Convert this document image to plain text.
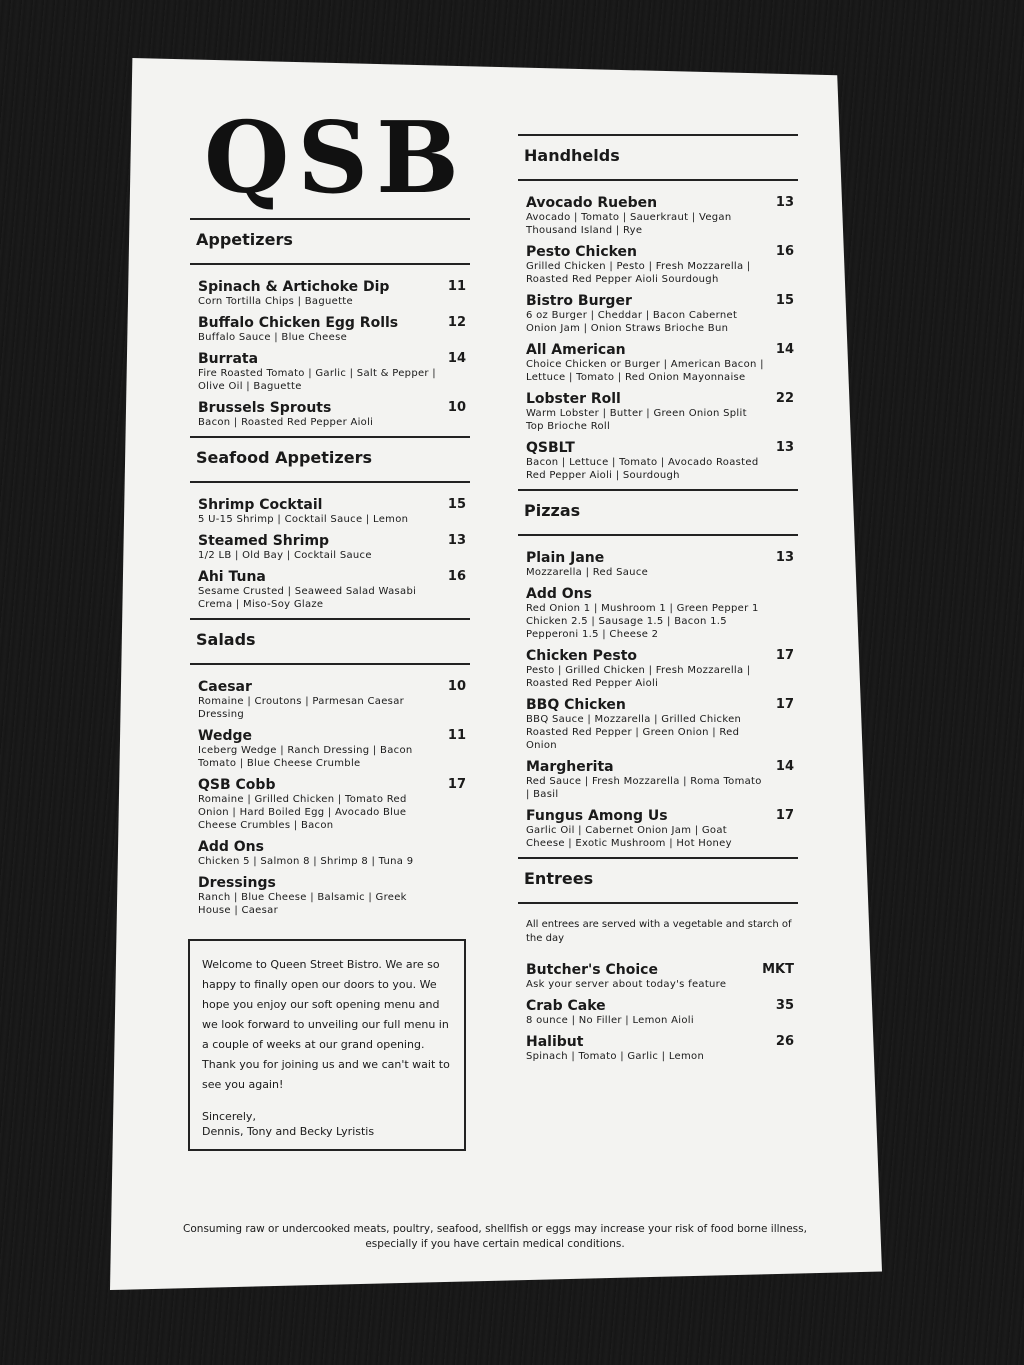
QSB
Appetizers
Spinach & Artichoke Dip	11
Corn Tortilla Chips | Baguette
Buffalo Chicken Egg Rolls	12
Buffalo Sauce | Blue Cheese
Burrata	14
Fire Roasted Tomato | Garlic | Salt & Pepper | Olive Oil | Baguette
Brussels Sprouts	10
Bacon | Roasted Red Pepper Aioli
Seafood Appetizers
Shrimp Cocktail	15
5 U-15 Shrimp | Cocktail Sauce | Lemon
Steamed Shrimp	13
1/2 LB | Old Bay | Cocktail Sauce
Ahi Tuna	16
Sesame Crusted | Seaweed Salad Wasabi Crema | Miso-Soy Glaze
Salads
Caesar	10
Romaine | Croutons | Parmesan Caesar Dressing
Wedge	11
Iceberg Wedge | Ranch Dressing | Bacon Tomato | Blue Cheese Crumble
QSB Cobb	17
Romaine | Grilled Chicken | Tomato Red Onion | Hard Boiled Egg | Avocado Blue Cheese Crumbles | Bacon
Add Ons
Chicken 5 | Salmon 8 | Shrimp 8 | Tuna 9
Dressings
Ranch | Blue Cheese | Balsamic | Greek House | Caesar

Welcome to Queen Street Bistro. We are so happy to finally open our doors to you. We hope you enjoy our soft opening menu and we look forward to unveiling our full menu in a couple of weeks at our grand opening. Thank you for joining us and we can't wait to see you again!

Sincerely,
Dennis, Tony and Becky Lyristis
Handhelds
Avocado Rueben	13
Avocado | Tomato | Sauerkraut | Vegan Thousand Island | Rye
Pesto Chicken	16
Grilled Chicken | Pesto | Fresh Mozzarella | Roasted Red Pepper Aioli Sourdough
Bistro Burger	15
6 oz Burger | Cheddar | Bacon Cabernet Onion Jam | Onion Straws Brioche Bun
All American	14
Choice Chicken or Burger | American Bacon | Lettuce | Tomato | Red Onion Mayonnaise
Lobster Roll	22
Warm Lobster | Butter | Green Onion Split Top Brioche Roll
QSBLT	13
Bacon | Lettuce | Tomato | Avocado Roasted Red Pepper Aioli | Sourdough
Pizzas
Plain Jane	13
Mozzarella | Red Sauce
Add Ons
Red Onion 1 | Mushroom 1 | Green Pepper 1 Chicken 2.5 | Sausage 1.5 | Bacon 1.5 Pepperoni 1.5 | Cheese 2
Chicken Pesto	17
Pesto | Grilled Chicken | Fresh Mozzarella | Roasted Red Pepper Aioli
BBQ Chicken	17
BBQ Sauce | Mozzarella | Grilled Chicken Roasted Red Pepper | Green Onion | Red Onion
Margherita	14
Red Sauce | Fresh Mozzarella | Roma Tomato | Basil
Fungus Among Us	17
Garlic Oil | Cabernet Onion Jam | Goat Cheese | Exotic Mushroom | Hot Honey
Entrees
All entrees are served with a vegetable and starch of the day
Butcher's Choice	MKT
Ask your server about today's feature
Crab Cake	35
8 ounce | No Filler | Lemon Aioli
Halibut	26
Spinach | Tomato | Garlic | Lemon
Consuming raw or undercooked meats, poultry, seafood, shellfish or eggs may increase your risk of food borne illness, especially if you have certain medical conditions.
